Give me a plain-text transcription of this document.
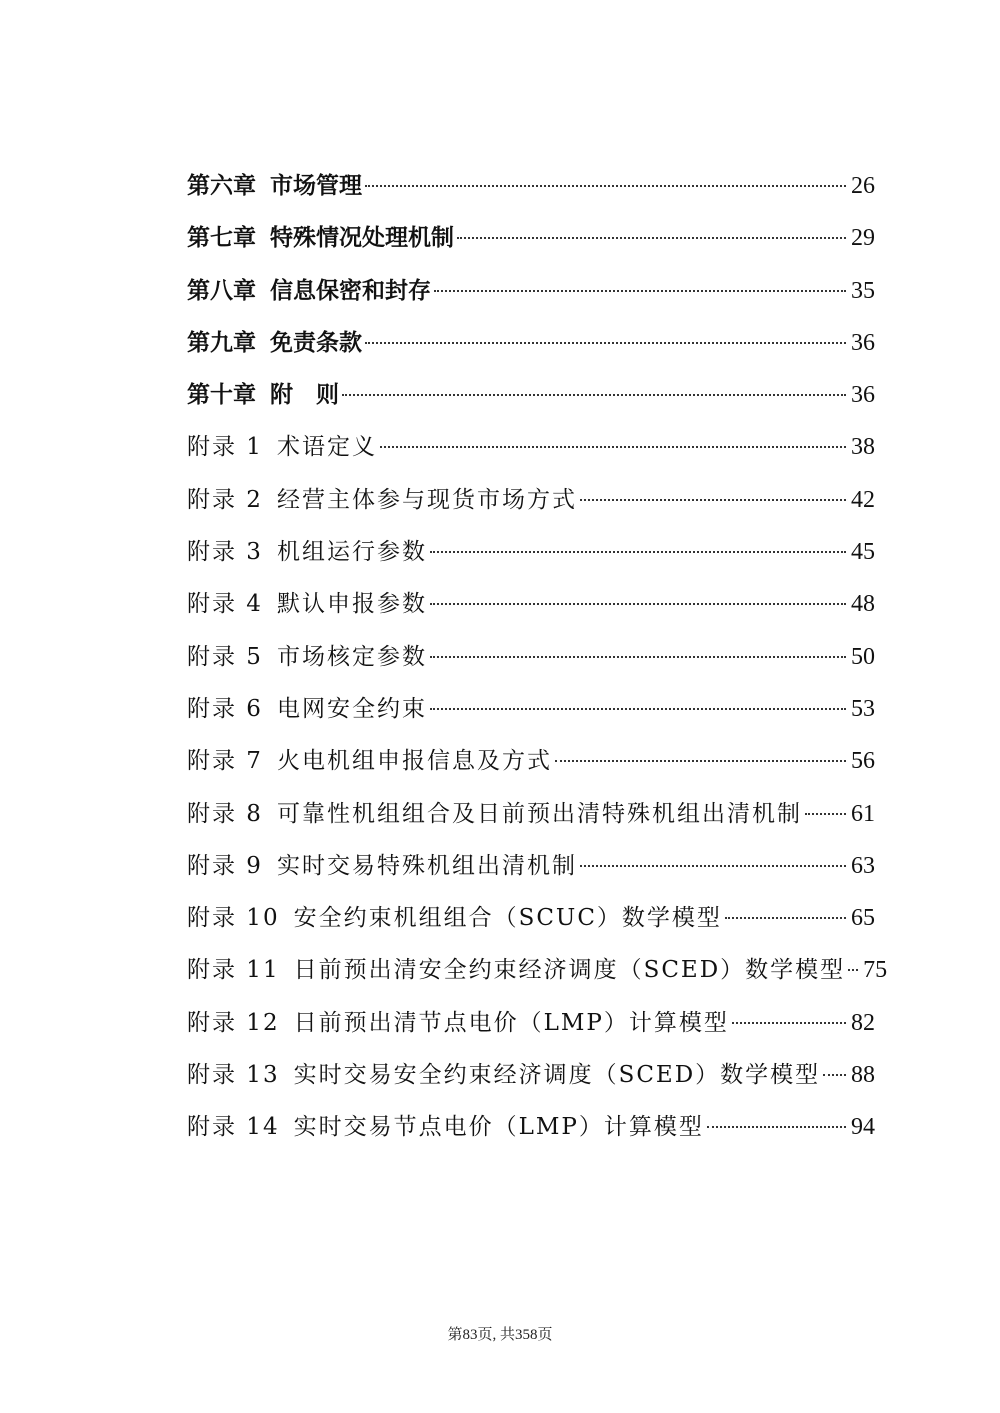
第六章 市场管理	26
第七章 特殊情况处理机制	29
第八章 信息保密和封存	35
第九章 免责条款	36
第十章 附　则	36
附录 1 术语定义	38
附录 2 经营主体参与现货市场方式	42
附录 3 机组运行参数	45
附录 4 默认申报参数	48
附录 5 市场核定参数	50
附录 6 电网安全约束	53
附录 7 火电机组申报信息及方式	56
附录 8 可靠性机组组合及日前预出清特殊机组出清机制 61
附录 9 实时交易特殊机组出清机制	63
附录 10 安全约束机组组合（SCUC）数学模型	65
附录 11 日前预出清安全约束经济调度（SCED）数学模型 75
附录 12 日前预出清节点电价（LMP）计算模型	82
附录 13 实时交易安全约束经济调度（SCED）数学模型 88
附录 14 实时交易节点电价（LMP）计算模型	94
第83页, 共358页
